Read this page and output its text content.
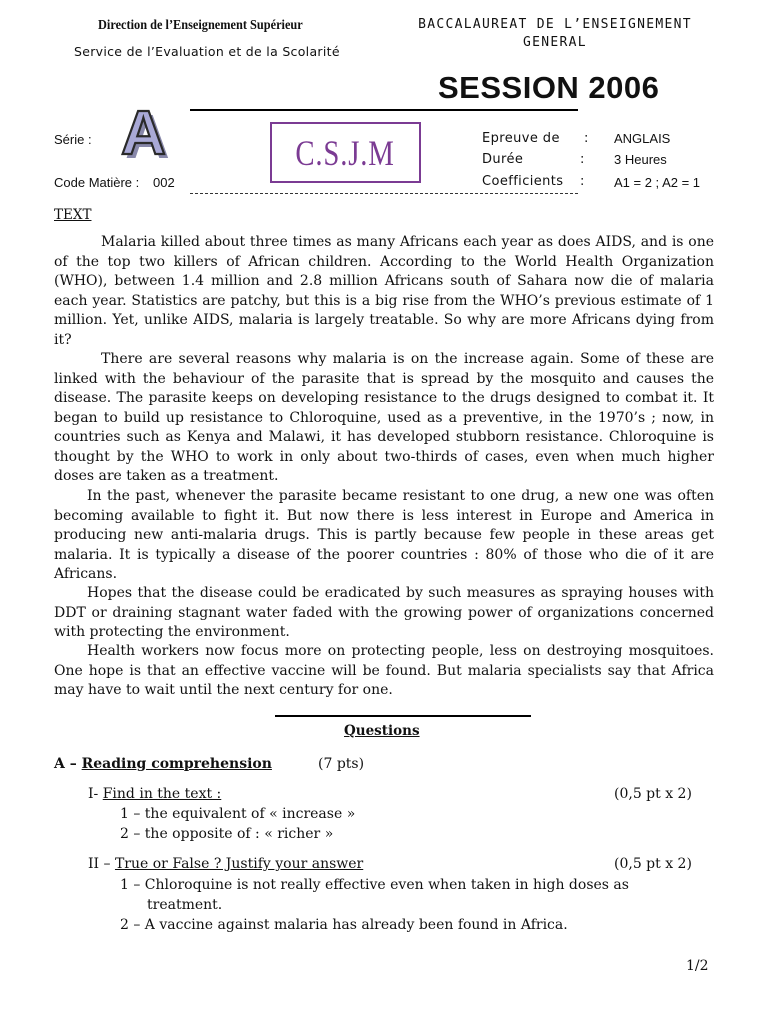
Direction de l’Enseignement Supérieur
Service de l’Evaluation et de la Scolarité
BACCALAUREAT DE L’ENSEIGNEMENT
GENERAL
SESSION 2006
Série : A
Code Matière : 002
C.S.J.M	Epreuve de : ANGLAIS
Durée	: 3 Heures
Coefficients : A1 = 2 ; A2 = 1
TEXT

Malaria killed about three times as many Africans each year as does AIDS, and is one of the top two killers of African children. According to the World Health Organization (WHO), between 1.4 million and 2.8 million Africans south of Sahara now die of malaria each year. Statistics are patchy, but this is a big rise from the WHO’s previous estimate of 1 million. Yet, unlike AIDS, malaria is largely treatable. So why are more Africans dying from it?

There are several reasons why malaria is on the increase again. Some of these are linked with the behaviour of the parasite that is spread by the mosquito and causes the disease. The parasite keeps on developing resistance to the drugs designed to combat it. It began to build up resistance to Chloroquine, used as a preventive, in the 1970’s ; now, in countries such as Kenya and Malawi, it has developed stubborn resistance. Chloroquine is thought by the WHO to work in only about two-thirds of cases, even when much higher doses are taken as a treatment.

In the past, whenever the parasite became resistant to one drug, a new one was often becoming available to fight it. But now there is less interest in Europe and America in producing new anti-malaria drugs. This is partly because few people in these areas get malaria. It is typically a disease of the poorer countries : 80% of those who die of it are Africans.

Hopes that the disease could be eradicated by such measures as spraying houses with DDT or draining stagnant water faded with the growing power of organizations concerned with protecting the environment.

Health workers now focus more on protecting people, less on destroying mosquitoes. One hope is that an effective vaccine will be found. But malaria specialists say that Africa may have to wait until the next century for one.

Questions
A – Reading comprehension	(7 pts)
I- Find in the text :	(0,5 pt x 2)
1 – the equivalent of « increase »
2 – the opposite of : « richer »
II – True or False ? Justify your answer	(0,5 pt x 2)
1 – Chloroquine is not really effective even when taken in high doses as
treatment.
2 – A vaccine against malaria has already been found in Africa.
1/2
